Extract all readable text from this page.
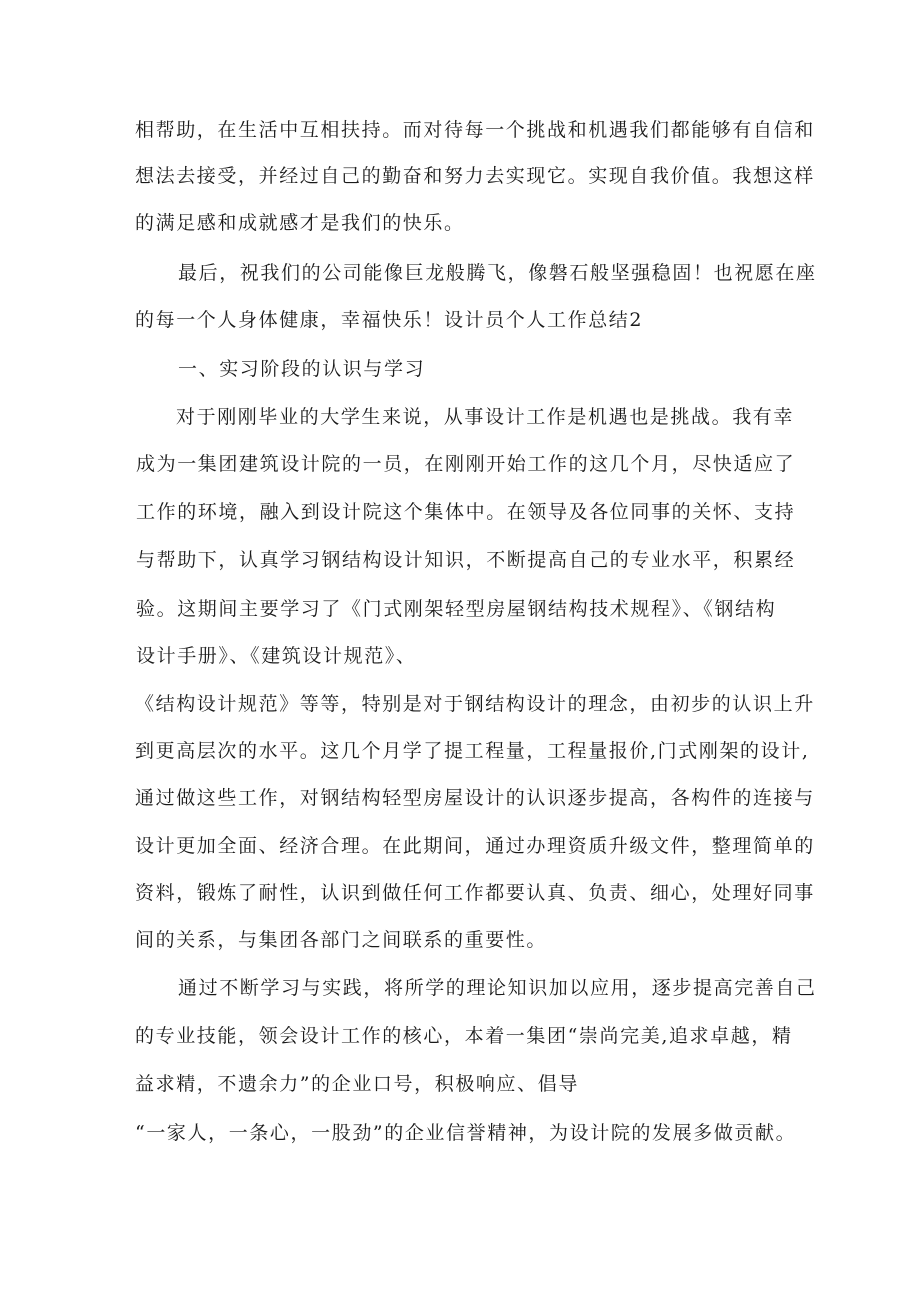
相帮助，在生活中互相扶持。而对待每一个挑战和机遇我们都能够有自信和
想法去接受，并经过自己的勤奋和努力去实现它。实现自我价值。我想这样
的满足感和成就感才是我们的快乐。
最后，祝我们的公司能像巨龙般腾飞，像磐石般坚强稳固！也祝愿在座
的每一个人身体健康，幸福快乐！设计员个人工作总结2
一、实习阶段的认识与学习
对于刚刚毕业的大学生来说，从事设计工作是机遇也是挑战。我有幸
成为一集团建筑设计院的一员，在刚刚开始工作的这几个月，尽快适应了
工作的环境，融入到设计院这个集体中。在领导及各位同事的关怀、支持
与帮助下，认真学习钢结构设计知识，不断提高自己的专业水平，积累经
验。这期间主要学习了《门式刚架轻型房屋钢结构技术规程》、《钢结构
设计手册》、《建筑设计规范》、
《结构设计规范》等等，特别是对于钢结构设计的理念，由初步的认识上升
到更高层次的水平。这几个月学了提工程量，工程量报价,门式刚架的设计,
通过做这些工作，对钢结构轻型房屋设计的认识逐步提高，各构件的连接与
设计更加全面、经济合理。在此期间，通过办理资质升级文件，整理简单的
资料，锻炼了耐性，认识到做任何工作都要认真、负责、细心，处理好同事
间的关系，与集团各部门之间联系的重要性。
通过不断学习与实践，将所学的理论知识加以应用，逐步提高完善自己
的专业技能，领会设计工作的核心，本着一集团“崇尚完美,追求卓越，精
益求精，不遗余力”的企业口号，积极响应、倡导
“一家人，一条心，一股劲”的企业信誉精神，为设计院的发展多做贡献。
